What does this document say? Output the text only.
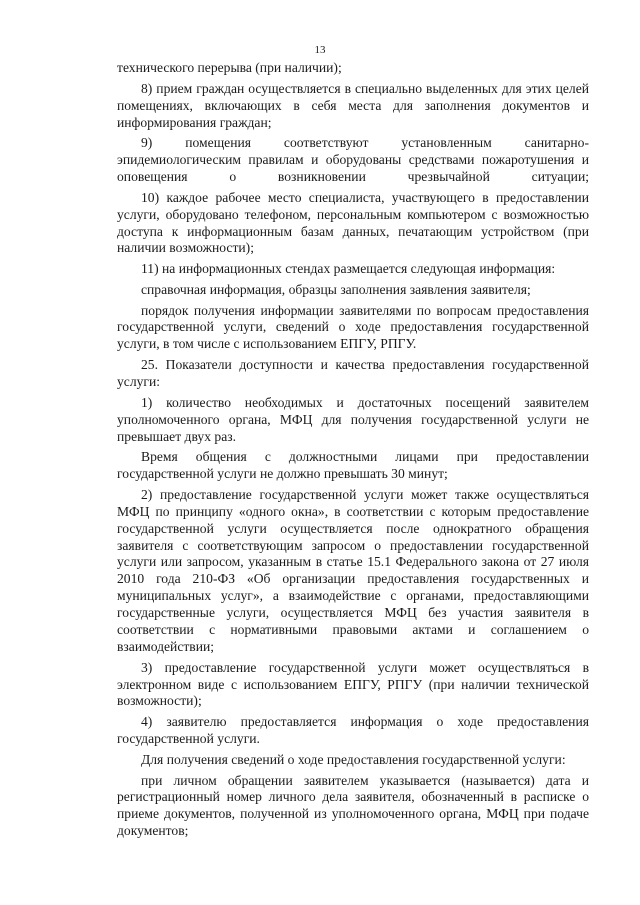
13

технического перерыва (при наличии);

8) прием граждан осуществляется в специально выделенных для этих целей помещениях, включающих в себя места для заполнения документов и информирования граждан;

9) помещения соответствуют установленным санитарно-эпидемиологическим правилам и оборудованы средствами пожаротушения и оповещения о возникновении чрезвычайной ситуации;

10) каждое рабочее место специалиста, участвующего в предоставлении услуги, оборудовано телефоном, персональным компьютером с возможностью доступа к информационным базам данных, печатающим устройством (при наличии возможности);

11) на информационных стендах размещается следующая информация:

справочная информация, образцы заполнения заявления заявителя;

порядок получения информации заявителями по вопросам предоставления государственной услуги, сведений о ходе предоставления государственной услуги, в том числе с использованием ЕПГУ, РПГУ.

25. Показатели доступности и качества предоставления государственной услуги:

1) количество необходимых и достаточных посещений заявителем уполномоченного органа, МФЦ для получения государственной услуги не превышает двух раз.

Время общения с должностными лицами при предоставлении государственной услуги не должно превышать 30 минут;

2) предоставление государственной услуги может также осуществляться МФЦ по принципу «одного окна», в соответствии с которым предоставление государственной услуги осуществляется после однократного обращения заявителя с соответствующим запросом о предоставлении государственной услуги или запросом, указанным в статье 15.1 Федерального закона от 27 июля 2010 года 210-ФЗ «Об организации предоставления государственных и муниципальных услуг», а взаимодействие с органами, предоставляющими государственные услуги, осуществляется МФЦ без участия заявителя в соответствии с нормативными правовыми актами и соглашением о взаимодействии;

3) предоставление государственной услуги может осуществляться в электронном виде с использованием ЕПГУ, РПГУ (при наличии технической возможности);

4) заявителю предоставляется информация о ходе предоставления государственной услуги.

Для получения сведений о ходе предоставления государственной услуги:

при личном обращении заявителем указывается (называется) дата и регистрационный номер личного дела заявителя, обозначенный в расписке о приеме документов, полученной из уполномоченного органа, МФЦ при подаче документов;
